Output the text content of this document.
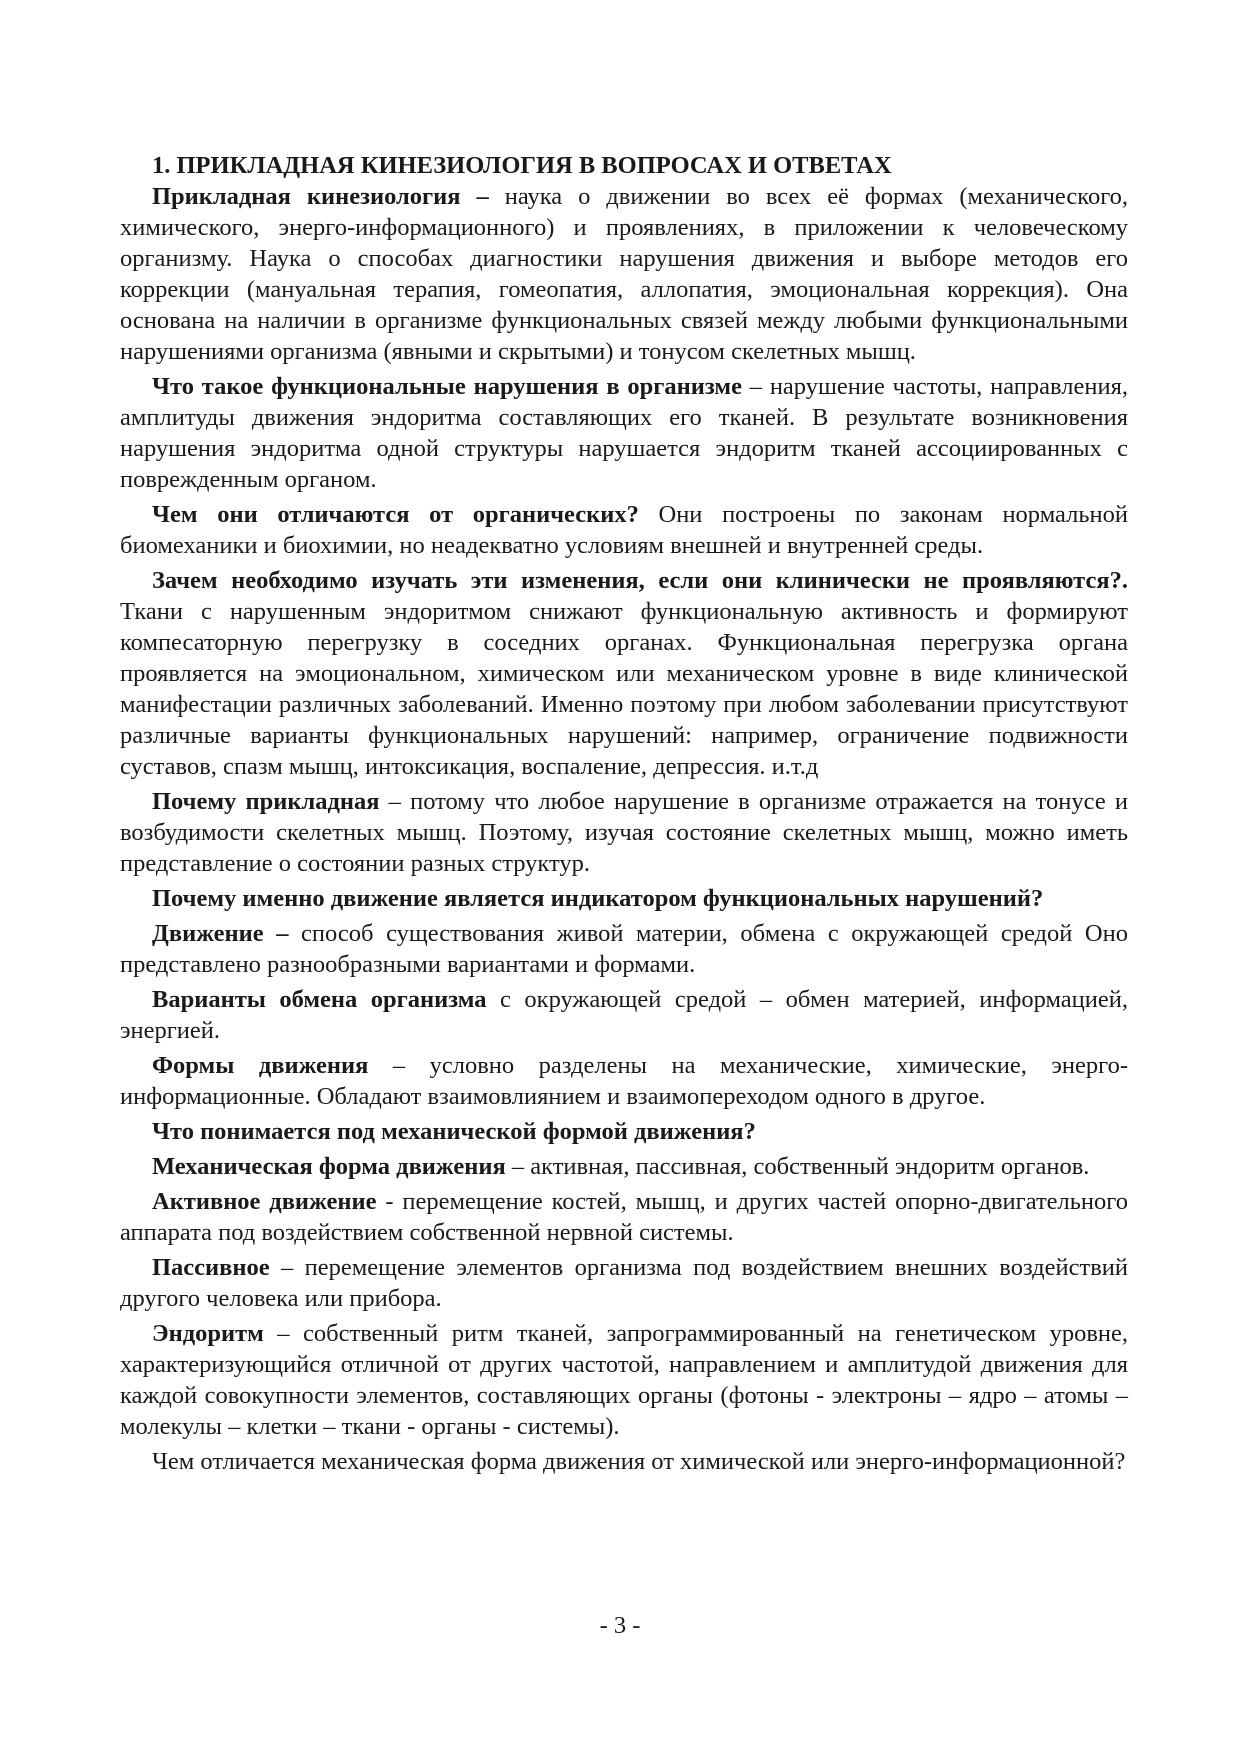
1. ПРИКЛАДНАЯ КИНЕЗИОЛОГИЯ В ВОПРОСАХ И ОТВЕТАХ

Прикладная кинезиология – наука о движении во всех её формах (механического, химического, энерго-информационного) и проявлениях, в приложении к человеческому организму. Наука о способах диагностики нарушения движения и выборе методов его коррекции (мануальная терапия, гомеопатия, аллопатия, эмоциональная коррекция). Она основана на наличии в организме функциональных связей между любыми функциональными нарушениями организма (явными и скрытыми) и тонусом скелетных мышц.

Что такое функциональные нарушения в организме – нарушение частоты, направления, амплитуды движения эндоритма составляющих его тканей. В результате возникновения нарушения эндоритма одной структуры нарушается эндоритм тканей ассоциированных с поврежденным органом.

Чем они отличаются от органических? Они построены по законам нормальной биомеханики и биохимии, но неадекватно условиям внешней и внутренней среды.

Зачем необходимо изучать эти изменения, если они клинически не проявляются?. Ткани с нарушенным эндоритмом снижают функциональную активность и формируют компесаторную перегрузку в соседних органах. Функциональная перегрузка органа проявляется на эмоциональном, химическом или механическом уровне в виде клинической манифестации различных заболеваний. Именно поэтому при любом заболевании присутствуют различные варианты функциональных нарушений: например, ограничение подвижности суставов, спазм мышц, интоксикация, воспаление, депрессия. и.т.д

Почему прикладная – потому что любое нарушение в организме отражается на тонусе и возбудимости скелетных мышц. Поэтому, изучая состояние скелетных мышц, можно иметь представление о состоянии разных структур.

Почему именно движение является индикатором функциональных нарушений?

Движение – способ существования живой материи, обмена с окружающей средой Оно представлено разнообразными вариантами и формами.

Варианты обмена организма с окружающей средой – обмен материей, информацией, энергией.

Формы движения – условно разделены на механические, химические, энерго-информационные. Обладают взаимовлиянием и взаимопереходом одного в другое.

Что понимается под механической формой движения?

Механическая форма движения – активная, пассивная, собственный эндоритм органов.

Активное движение - перемещение костей, мышц, и других частей опорно-двигательного аппарата под воздействием собственной нервной системы.

Пассивное – перемещение элементов организма под воздействием внешних воздействий другого человека или прибора.

Эндоритм – собственный ритм тканей, запрограммированный на генетическом уровне, характеризующийся отличной от других частотой, направлением и амплитудой движения для каждой совокупности элементов, составляющих органы (фотоны - электроны – ядро – атомы – молекулы – клетки – ткани - органы - системы).

Чем отличается механическая форма движения от химической или энерго-информационной?

- 3 -
